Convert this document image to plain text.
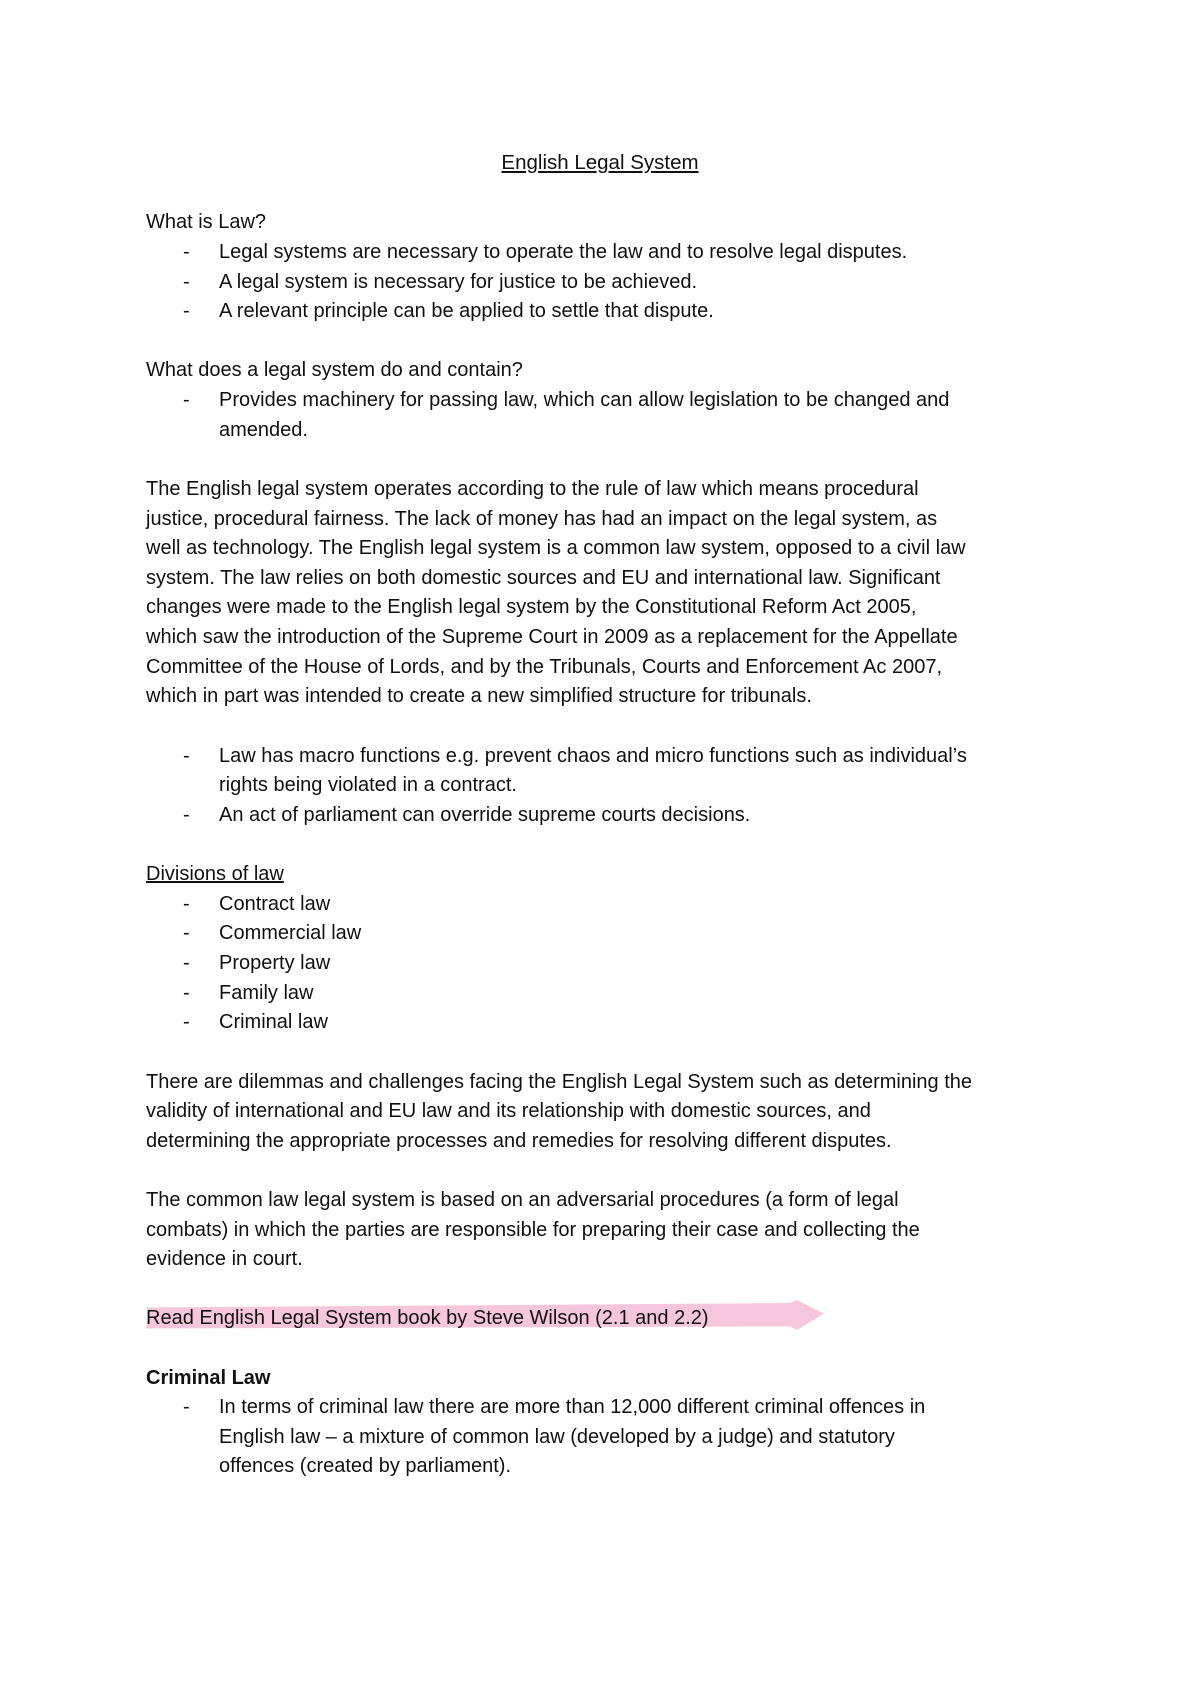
English Legal System
What is Law?
- Legal systems are necessary to operate the law and to resolve legal disputes.
- A legal system is necessary for justice to be achieved.
- A relevant principle can be applied to settle that dispute.
What does a legal system do and contain?
- Provides machinery for passing law, which can allow legislation to be changed and
amended.
The English legal system operates according to the rule of law which means procedural
justice, procedural fairness. The lack of money has had an impact on the legal system, as
well as technology. The English legal system is a common law system, opposed to a civil law
system. The law relies on both domestic sources and EU and international law. Significant
changes were made to the English legal system by the Constitutional Reform Act 2005,
which saw the introduction of the Supreme Court in 2009 as a replacement for the Appellate
Committee of the House of Lords, and by the Tribunals, Courts and Enforcement Ac 2007,
which in part was intended to create a new simplified structure for tribunals.
- Law has macro functions e.g. prevent chaos and micro functions such as individual’s
rights being violated in a contract.
- An act of parliament can override supreme courts decisions.
Divisions of law
- Contract law
- Commercial law
- Property law
- Family law
- Criminal law
There are dilemmas and challenges facing the English Legal System such as determining the
validity of international and EU law and its relationship with domestic sources, and
determining the appropriate processes and remedies for resolving different disputes.
The common law legal system is based on an adversarial procedures (a form of legal
combats) in which the parties are responsible for preparing their case and collecting the
evidence in court.
Read English Legal System book by Steve Wilson (2.1 and 2.2)
Criminal Law
- In terms of criminal law there are more than 12,000 different criminal offences in
English law – a mixture of common law (developed by a judge) and statutory
offences (created by parliament).
